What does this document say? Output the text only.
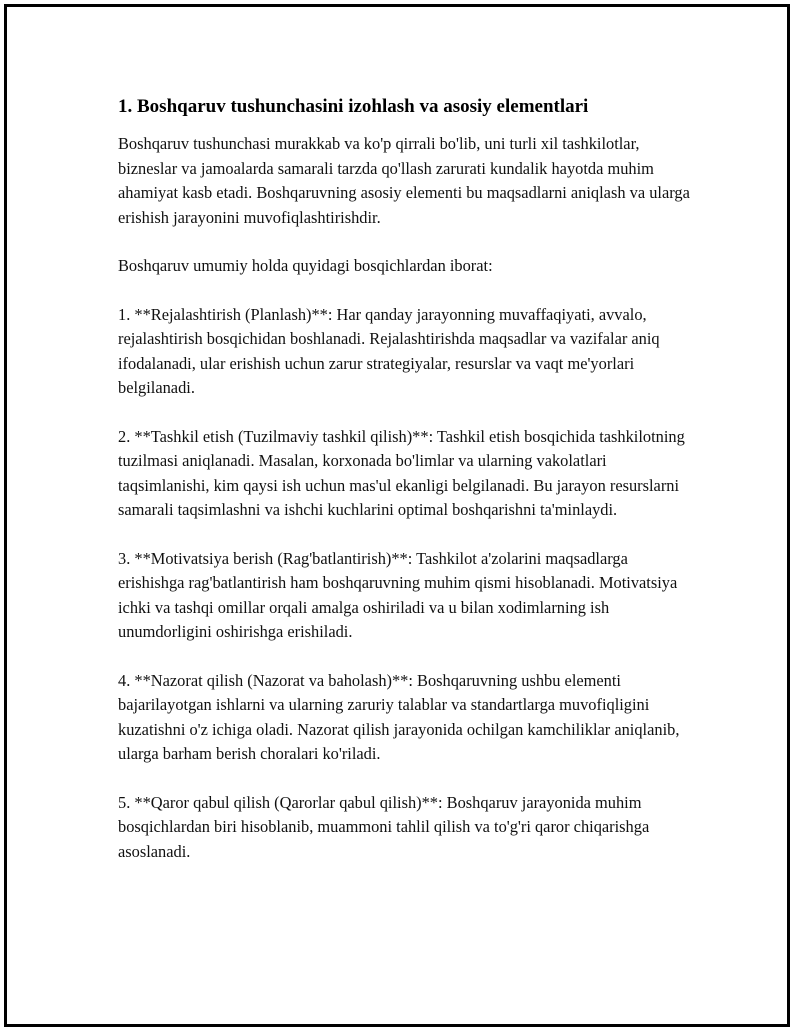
1. Boshqaruv tushunchasini izohlash va asosiy elementlari

Boshqaruv tushunchasi murakkab va ko'p qirrali bo'lib, uni turli xil tashkilotlar, bizneslar va jamoalarda samarali tarzda qo'llash zarurati kundalik hayotda muhim ahamiyat kasb etadi. Boshqaruvning asosiy elementi bu maqsadlarni aniqlash va ularga erishish jarayonini muvofiqlashtirishdir.

Boshqaruv umumiy holda quyidagi bosqichlardan iborat:

1. **Rejalashtirish (Planlash)**: Har qanday jarayonning muvaffaqiyati, avvalo, rejalashtirish bosqichidan boshlanadi. Rejalashtirishda maqsadlar va vazifalar aniq ifodalanadi, ular erishish uchun zarur strategiyalar, resurslar va vaqt me'yorlari belgilanadi.

2. **Tashkil etish (Tuzilmaviy tashkil qilish)**: Tashkil etish bosqichida tashkilotning tuzilmasi aniqlanadi. Masalan, korxonada bo'limlar va ularning vakolatlari taqsimlanishi, kim qaysi ish uchun mas'ul ekanligi belgilanadi. Bu jarayon resurslarni samarali taqsimlashni va ishchi kuchlarini optimal boshqarishni ta'minlaydi.

3. **Motivatsiya berish (Rag'batlantirish)**: Tashkilot a'zolarini maqsadlarga erishishga rag'batlantirish ham boshqaruvning muhim qismi hisoblanadi. Motivatsiya ichki va tashqi omillar orqali amalga oshiriladi va u bilan xodimlarning ish unumdorligini oshirishga erishiladi.

4. **Nazorat qilish (Nazorat va baholash)**: Boshqaruvning ushbu elementi bajarilayotgan ishlarni va ularning zaruriy talablar va standartlarga muvofiqligini kuzatishni o'z ichiga oladi. Nazorat qilish jarayonida ochilgan kamchiliklar aniqlanib, ularga barham berish choralari ko'riladi.

5. **Qaror qabul qilish (Qarorlar qabul qilish)**: Boshqaruv jarayonida muhim bosqichlardan biri hisoblanib, muammoni tahlil qilish va to'g'ri qaror chiqarishga asoslanadi.
